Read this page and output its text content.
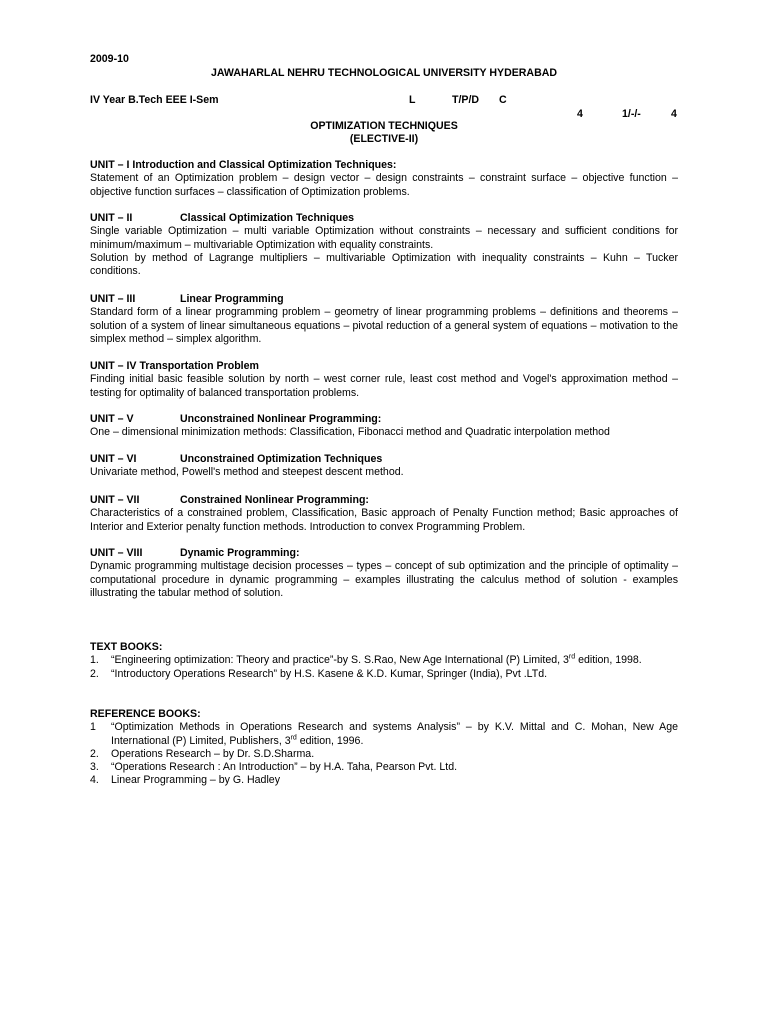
2009-10
JAWAHARLAL NEHRU TECHNOLOGICAL UNIVERSITY HYDERABAD
IV Year B.Tech EEE I-Sem	L	T/P/D C
4	1/-/-	4
OPTIMIZATION TECHNIQUES
(ELECTIVE-II)
UNIT – I Introduction and Classical Optimization Techniques:

Statement of an Optimization problem – design vector – design constraints – constraint surface – objective function – objective function surfaces – classification of Optimization problems.

UNIT – II	Classical Optimization Techniques

Single variable Optimization – multi variable Optimization without constraints – necessary and sufficient conditions for minimum/maximum – multivariable Optimization with equality constraints.

Solution by method of Lagrange multipliers – multivariable Optimization with inequality constraints – Kuhn – Tucker conditions.

UNIT – III	Linear Programming

Standard form of a linear programming problem – geometry of linear programming problems – definitions and theorems – solution of a system of linear simultaneous equations – pivotal reduction of a general system of equations – motivation to the simplex method – simplex algorithm.

UNIT – IV Transportation Problem

Finding initial basic feasible solution by north – west corner rule, least cost method and Vogel's approximation method – testing for optimality of balanced transportation problems.

UNIT – V	Unconstrained Nonlinear Programming:

One – dimensional minimization methods: Classification, Fibonacci method and Quadratic interpolation method

UNIT – VI	Unconstrained Optimization Techniques

Univariate method, Powell's method and steepest descent method.

UNIT – VII	Constrained Nonlinear Programming:

Characteristics of a constrained problem, Classification, Basic approach of Penalty Function method; Basic approaches of Interior and Exterior penalty function methods. Introduction to convex Programming Problem.

UNIT – VIII	Dynamic Programming:

Dynamic programming multistage decision processes – types – concept of sub optimization and the principle of optimality – computational procedure in dynamic programming – examples illustrating the calculus method of solution - examples illustrating the tabular method of solution.

TEXT BOOKS:
1. “Engineering optimization: Theory and practice”-by S. S.Rao, New Age International (P) Limited, 3rd edition, 1998.
2. “Introductory Operations Research” by H.S. Kasene & K.D. Kumar, Springer (India), Pvt .LTd.
REFERENCE BOOKS:
1 “Optimization Methods in Operations Research and systems Analysis” – by K.V. Mittal and C. Mohan, New Age International (P) Limited, Publishers, 3rd edition, 1996.
2. Operations Research – by Dr. S.D.Sharma.
3. “Operations Research : An Introduction” – by H.A. Taha, Pearson Pvt. Ltd.
4. Linear Programming – by G. Hadley
